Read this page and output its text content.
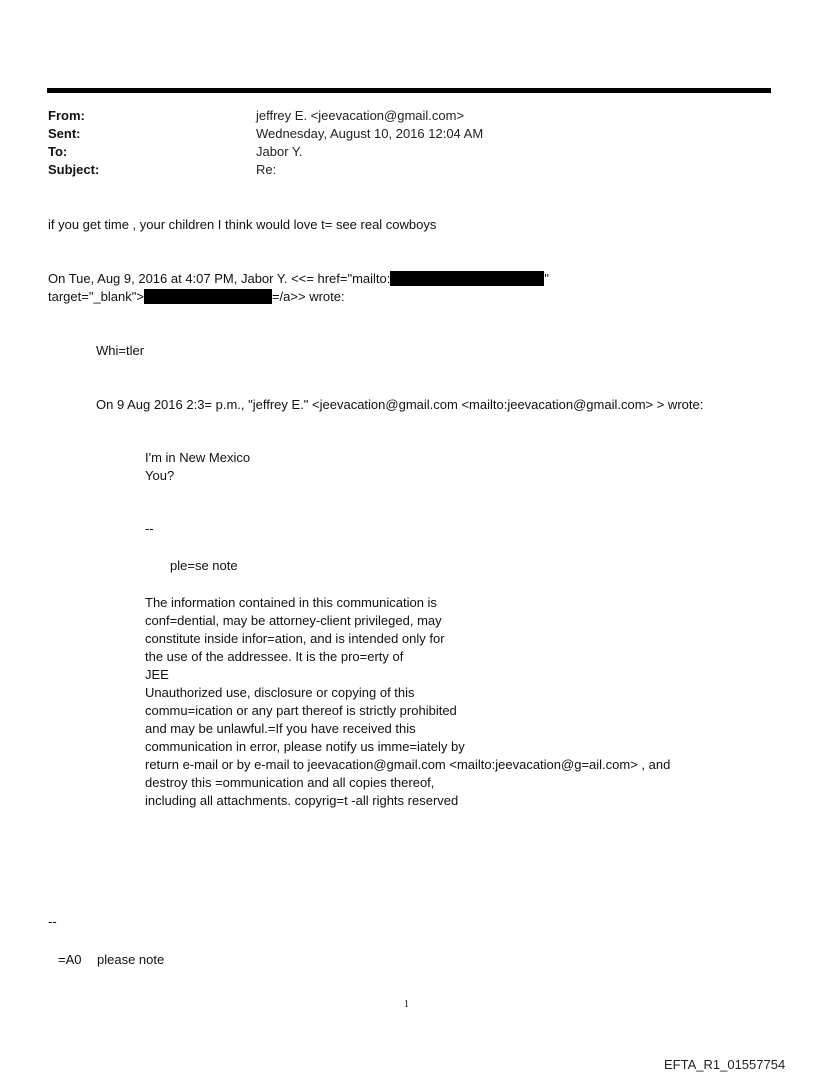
From:	jeffrey E. <jeevacation@gmail.com>
Sent:	Wednesday, August 10, 2016 12:04 AM
To:	Jabor Y.
Subject:	Re:
if you get time , your children I think would love t= see real cowboys
On Tue, Aug 9, 2016 at 4:07 PM, Jabor Y. <<= href="mailto:	"
target="_blank">	=/a>> wrote:
Whi=tler
On 9 Aug 2016 2:3= p.m., "jeffrey E." <jeevacation@gmail.com <mailto:jeevacation@gmail.com> > wrote:
I'm in New Mexico
You?
--
ple=se note
The information contained in this communication is
conf=dential, may be attorney-client privileged, may
constitute inside infor=ation, and is intended only for
the use of the addressee. It is the pro=erty of
JEE
Unauthorized use, disclosure or copying of this
commu=ication or any part thereof is strictly prohibited
and may be unlawful.=If you have received this
communication in error, please notify us imme=iately by
return e-mail or by e-mail to jeevacation@gmail.com <mailto:jeevacation@g=ail.com> , and
destroy this =ommunication and all copies thereof,
including all attachments. copyrig=t -all rights reserved
--
=A0 please note
1
EFTA_R1_01557754
